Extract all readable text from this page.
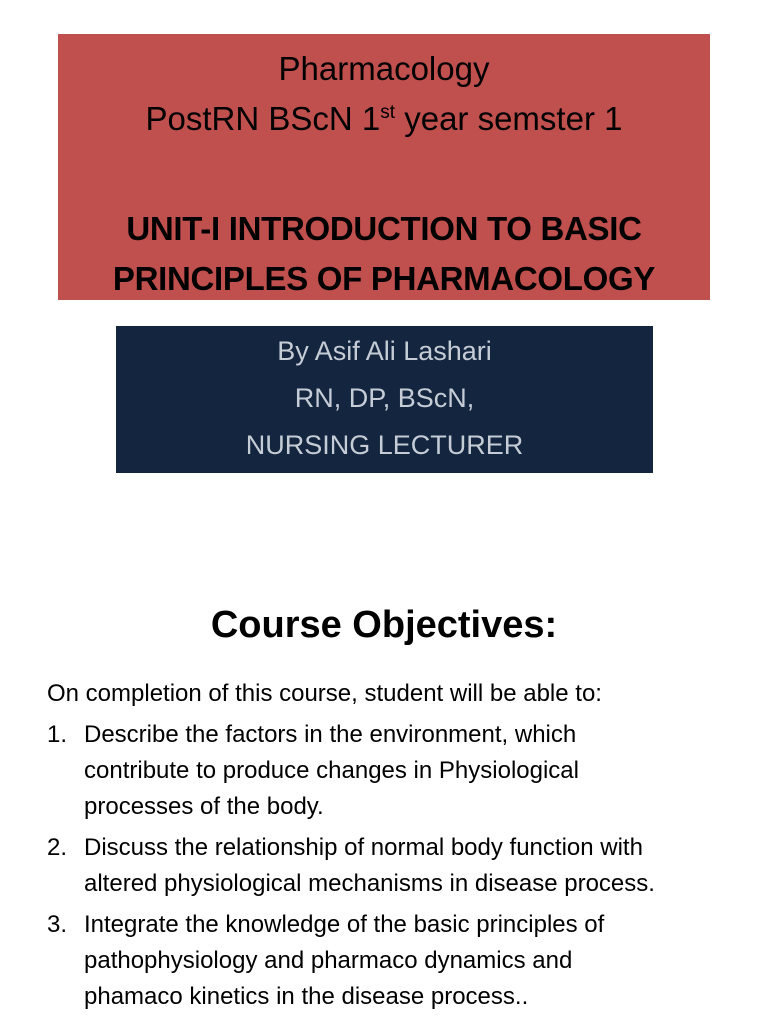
Pharmacology

PostRN BScN 1st year semster 1

UNIT-I INTRODUCTION TO BASIC
PRINCIPLES OF PHARMACOLOGY

By Asif Ali Lashari
RN, DP, BScN,
NURSING LECTURER
Course Objectives:

On completion of this course, student will be able to:

1. Describe the factors in the environment, which
contribute to produce changes in Physiological
processes of the body.
2. Discuss the relationship of normal body function with
altered physiological mechanisms in disease process.
3. Integrate the knowledge of the basic principles of
pathophysiology and pharmaco dynamics and
phamaco kinetics in the disease process..
